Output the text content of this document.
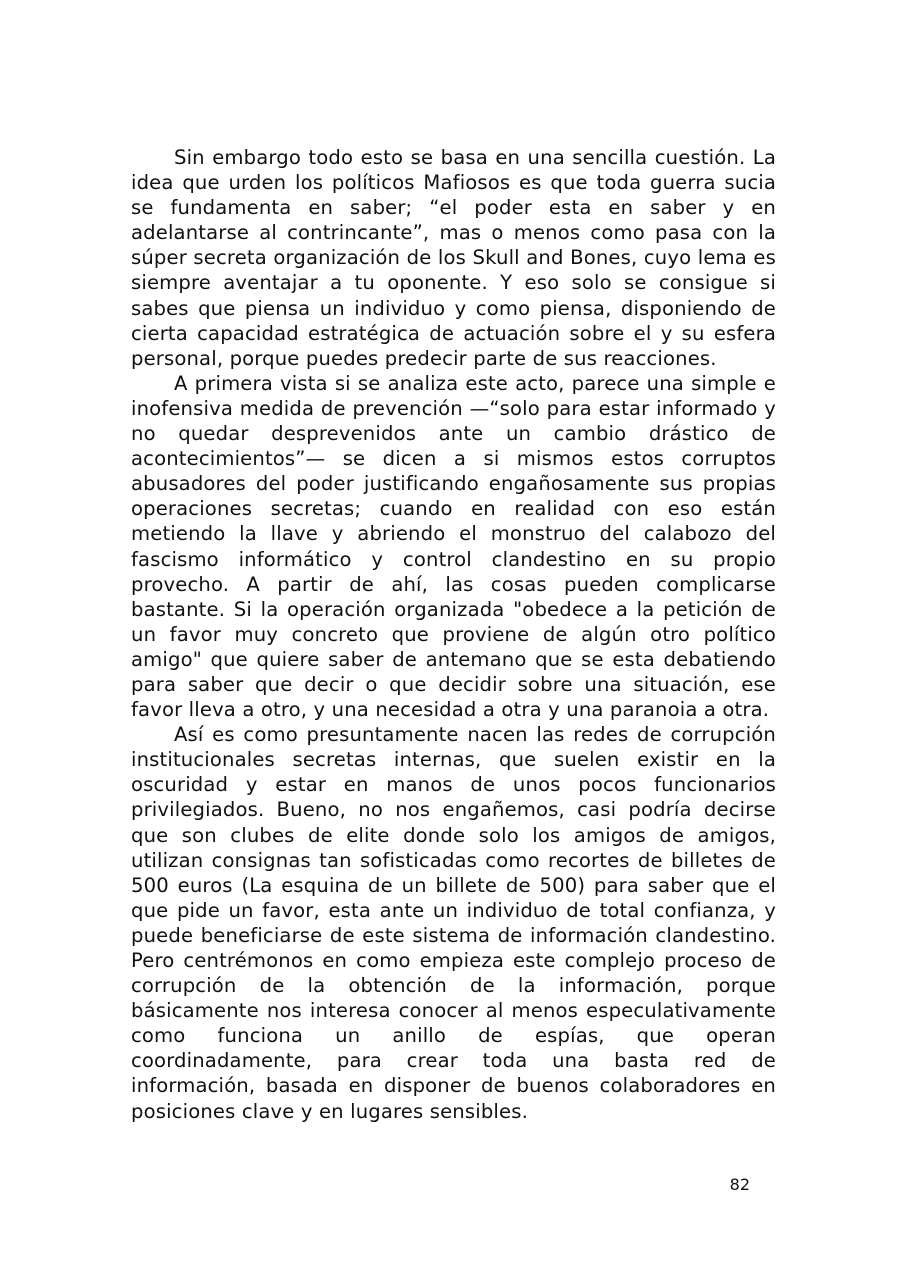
Sin embargo todo esto se basa en una sencilla cuestión. La idea que urden los políticos Mafiosos es que toda guerra sucia se fundamenta en saber; “el poder esta en saber y en adelantarse al contrincante”, mas o menos como pasa con la súper secreta organización de los Skull and Bones, cuyo lema es siempre aventajar a tu oponente. Y eso solo se consigue si sabes que piensa un individuo y como piensa, disponiendo de cierta capacidad estratégica de actuación sobre el y su esfera personal, porque puedes predecir parte de sus reacciones.

A primera vista si se analiza este acto, parece una simple e inofensiva medida de prevención —“solo para estar informado y no quedar desprevenidos ante un cambio drástico de acontecimientos”— se dicen a si mismos estos corruptos abusadores del poder justificando engañosamente sus propias operaciones secretas; cuando en realidad con eso están metiendo la llave y abriendo el monstruo del calabozo del fascismo informático y control clandestino en su propio provecho. A partir de ahí, las cosas pueden complicarse bastante. Si la operación organizada "obedece a la petición de un favor muy concreto que proviene de algún otro político amigo" que quiere saber de antemano que se esta debatiendo para saber que decir o que decidir sobre una situación, ese favor lleva a otro, y una necesidad a otra y una paranoia a otra.

Así es como presuntamente nacen las redes de corrupción institucionales secretas internas, que suelen existir en la oscuridad y estar en manos de unos pocos funcionarios privilegiados. Bueno, no nos engañemos, casi podría decirse que son clubes de elite donde solo los amigos de amigos, utilizan consignas tan sofisticadas como recortes de billetes de 500 euros (La esquina de un billete de 500) para saber que el que pide un favor, esta ante un individuo de total confianza, y puede beneficiarse de este sistema de información clandestino. Pero centrémonos en como empieza este complejo proceso de corrupción de la obtención de la información, porque básicamente nos interesa conocer al menos especulativamente como funciona un anillo de espías, que operan coordinadamente, para crear toda una basta red de información, basada en disponer de buenos colaboradores en posiciones clave y en lugares sensibles.

82
